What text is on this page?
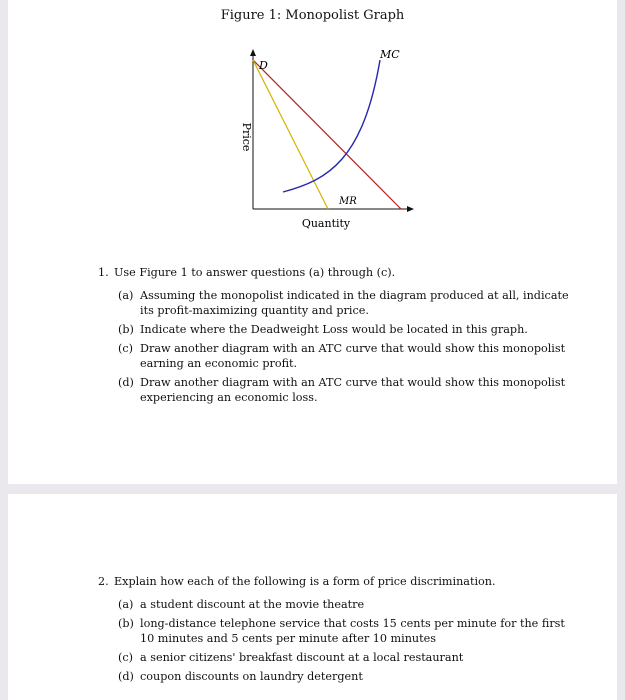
Figure 1: Monopolist Graph
D
MC
MR
Price
Quantity
1. Use Figure 1 to answer questions (a) through (c).
(a) Assuming the monopolist indicated in the diagram produced at all, indicate its profit-maximizing quantity and price.
(b) Indicate where the Deadweight Loss would be located in this graph.
(c) Draw another diagram with an ATC curve that would show this monopolist earning an economic profit.
(d) Draw another diagram with an ATC curve that would show this monopolist experiencing an economic loss.
2. Explain how each of the following is a form of price discrimination.
(a) a student discount at the movie theatre
(b) long-distance telephone service that costs 15 cents per minute for the first 10 minutes and 5 cents per minute after 10 minutes
(c) a senior citizens' breakfast discount at a local restaurant
(d) coupon discounts on laundry detergent
